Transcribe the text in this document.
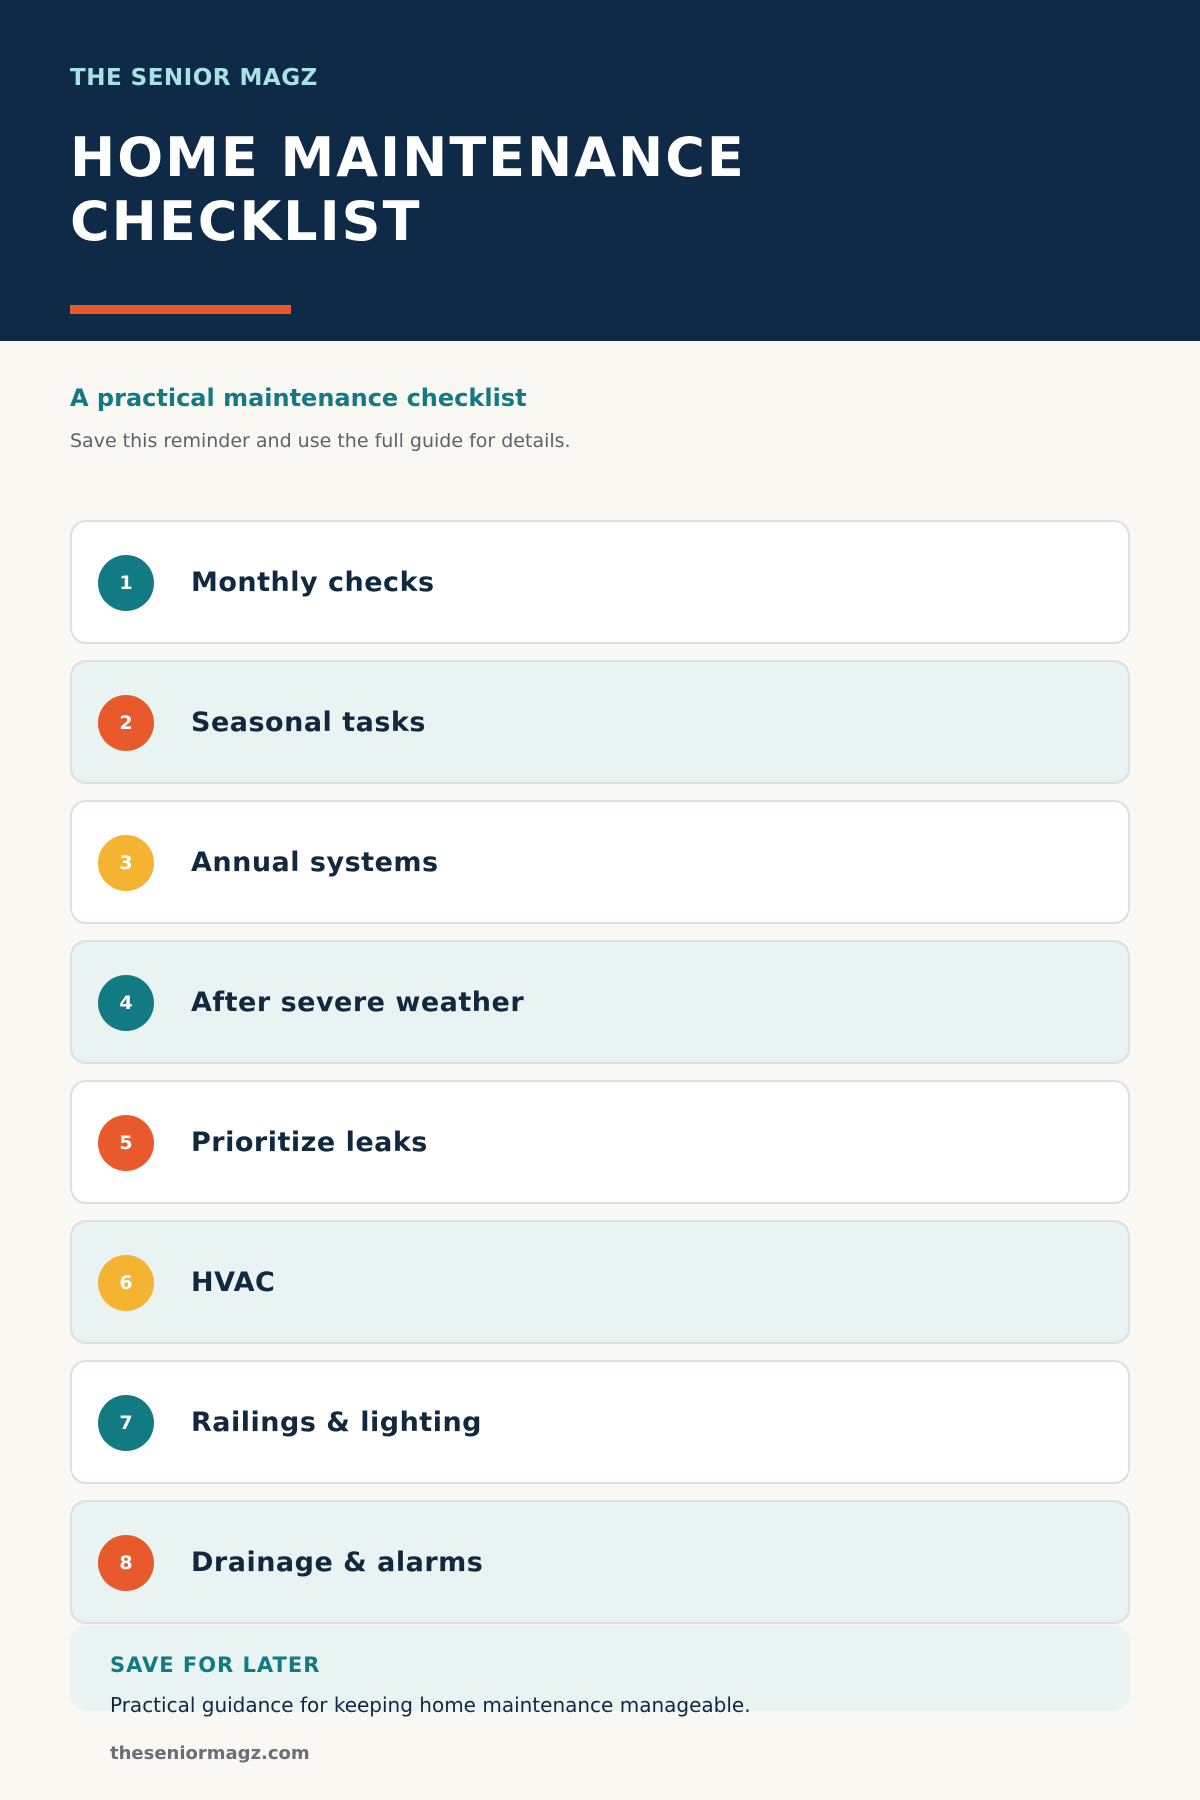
THE SENIOR MAGZ
HOME MAINTENANCE CHECKLIST
A practical maintenance checklist
Save this reminder and use the full guide for details.
1	Monthly checks
2	Seasonal tasks
3	Annual systems
4	After severe weather
5	Prioritize leaks
6	HVAC
7	Railings & lighting
8	Drainage & alarms
SAVE FOR LATER
Practical guidance for keeping home maintenance manageable.
theseniormagz.com
